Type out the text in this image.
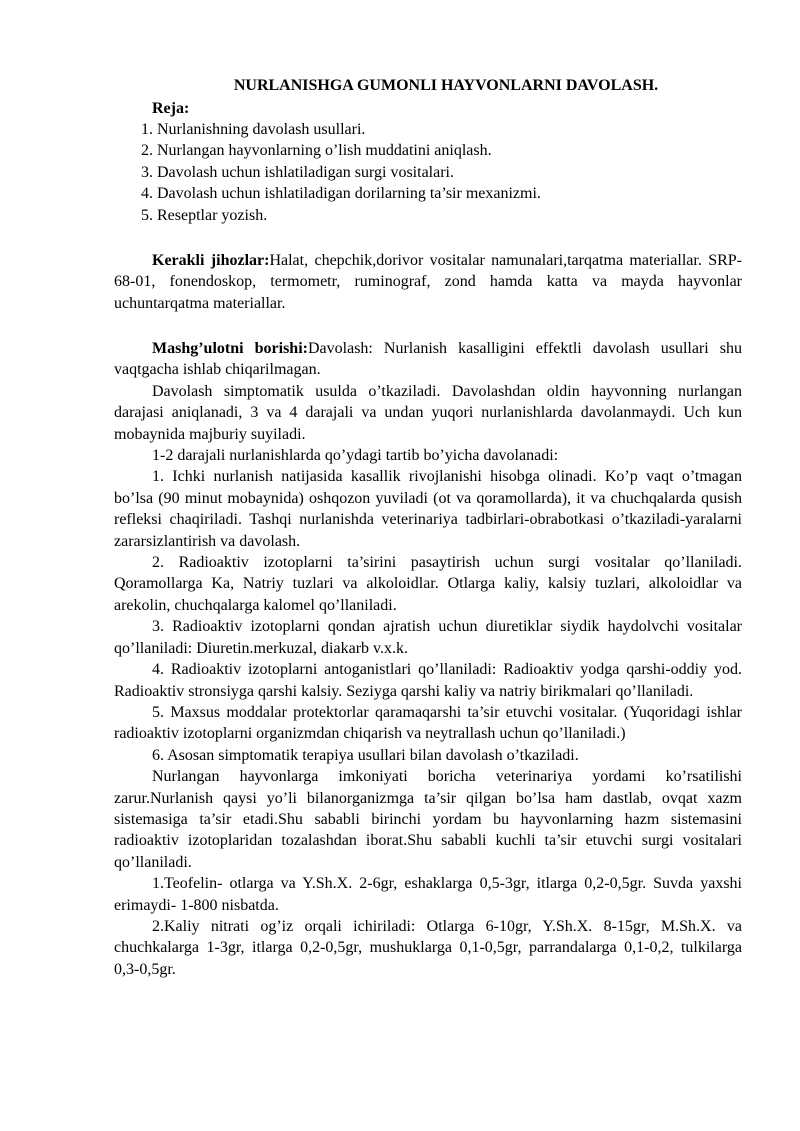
NURLANISHGA GUMONLI HAYVONLARNI DAVOLASH.
Reja:
1. Nurlanishning davolash usullari.
2. Nurlangan hayvonlarning o’lish muddatini aniqlash.
3. Davolash uchun ishlatiladigan surgi vositalari.
4. Davolash uchun ishlatiladigan dorilarning ta’sir mexanizmi.
5. Reseptlar yozish.

Kerakli jihozlar:Halat, chepchik,dorivor vositalar namunalari,tarqatma materiallar. SRP-68-01, fonendoskop, termometr, ruminograf, zond hamda katta va mayda hayvonlar uchuntarqatma materiallar.

Mashg’ulotni borishi:Davolash: Nurlanish kasalligini effektli davolash usullari shu vaqtgacha ishlab chiqarilmagan.

Davolash simptomatik usulda o’tkaziladi. Davolashdan oldin hayvonning nurlangan darajasi aniqlanadi, 3 va 4 darajali va undan yuqori nurlanishlarda davolanmaydi. Uch kun mobaynida majburiy suyiladi.

1-2 darajali nurlanishlarda qo’ydagi tartib bo’yicha davolanadi:

1. Ichki nurlanish natijasida kasallik rivojlanishi hisobga olinadi. Ko’p vaqt o’tmagan bo’lsa (90 minut mobaynida) oshqozon yuviladi (ot va qoramollarda), it va chuchqalarda qusish refleksi chaqiriladi. Tashqi nurlanishda veterinariya tadbirlari-obrabotkasi o’tkaziladi-yaralarni zararsizlantirish va davolash.

2. Radioaktiv izotoplarni ta’sirini pasaytirish uchun surgi vositalar qo’llaniladi. Qoramollarga Ka, Natriy tuzlari va alkoloidlar. Otlarga kaliy, kalsiy tuzlari, alkoloidlar va arekolin, chuchqalarga kalomel qo’llaniladi.

3. Radioaktiv izotoplarni qondan ajratish uchun diuretiklar siydik haydolvchi vositalar qo’llaniladi: Diuretin.merkuzal, diakarb v.x.k.

4. Radioaktiv izotoplarni antoganistlari qo’llaniladi: Radioaktiv yodga qarshi-oddiy yod. Radioaktiv stronsiyga qarshi kalsiy. Seziyga qarshi kaliy va natriy birikmalari qo’llaniladi.

5. Maxsus moddalar protektorlar qaramaqarshi ta’sir etuvchi vositalar. (Yuqoridagi ishlar radioaktiv izotoplarni organizmdan chiqarish va neytrallash uchun qo’llaniladi.)

6. Asosan simptomatik terapiya usullari bilan davolash o’tkaziladi.

Nurlangan hayvonlarga imkoniyati boricha veterinariya yordami ko’rsatilishi zarur.Nurlanish qaysi yo’li bilanorganizmga ta’sir qilgan bo’lsa ham dastlab, ovqat xazm sistemasiga ta’sir etadi.Shu sababli birinchi yordam bu hayvonlarning hazm sistemasini radioaktiv izotoplaridan tozalashdan iborat.Shu sababli kuchli ta’sir etuvchi surgi vositalari qo’llaniladi.

1.Teofelin- otlarga va Y.Sh.X. 2-6gr, eshaklarga 0,5-3gr, itlarga 0,2-0,5gr. Suvda yaxshi erimaydi- 1-800 nisbatda.

2.Kaliy nitrati og’iz orqali ichiriladi: Otlarga 6-10gr, Y.Sh.X. 8-15gr, M.Sh.X. va chuchkalarga 1-3gr, itlarga 0,2-0,5gr, mushuklarga 0,1-0,5gr, parrandalarga 0,1-0,2, tulkilarga 0,3-0,5gr.
